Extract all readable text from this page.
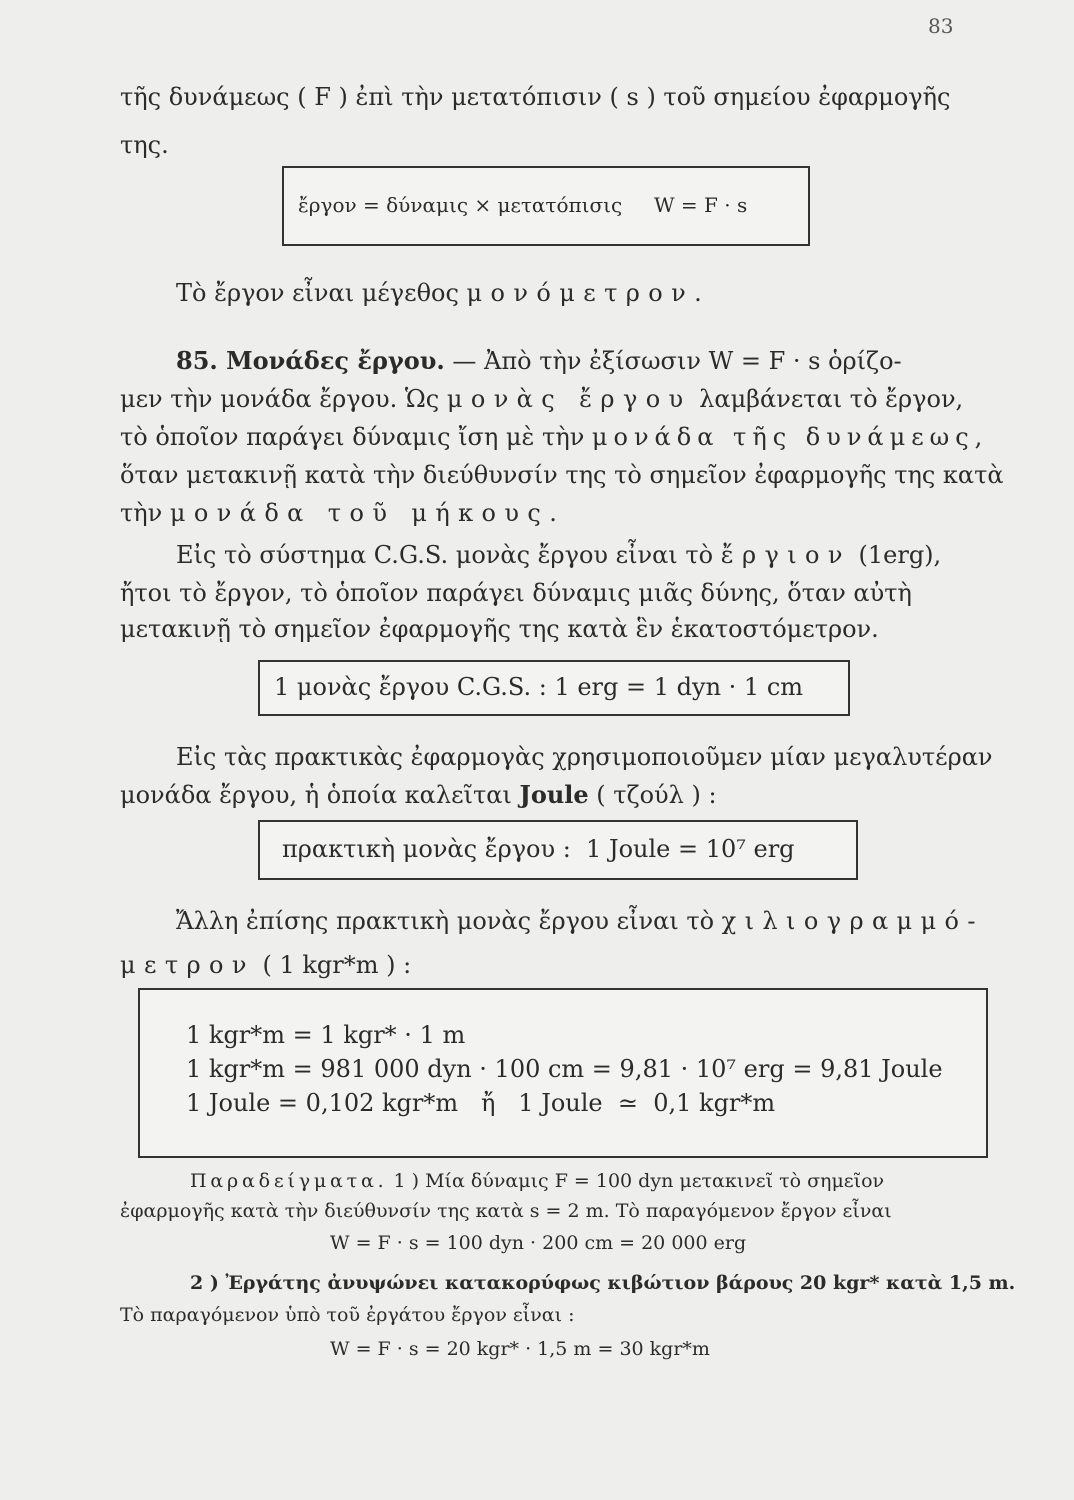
83
τῆς δυνάμεως ( F ) ἐπὶ τὴν μετατόπισιν ( s ) τοῦ σημείου ἐφαρμογῆς
της.
ἔργον = δύναμις × μετατόπισις     W = F · s
Τὸ ἔργον εἶναι μέγεθος μονόμετρον.
85. Μονάδες ἔργου. — Ἀπὸ τὴν ἐξίσωσιν W = F · s ὁρίζο-
μεν τὴν μονάδα ἔργου. Ὡς μονὰς ἔργου λαμβάνεται τὸ ἔργον,
τὸ ὁποῖον παράγει δύναμις ἴση μὲ τὴν μονάδα τῆς δυνάμεως,
ὅταν μετακινῇ κατὰ τὴν διεύθυνσίν της τὸ σημεῖον ἐφαρμογῆς της κατὰ
τὴν μονάδα τοῦ μήκους.
Εἰς τὸ σύστημα C.G.S. μονὰς ἔργου εἶναι τὸ ἔργιον (1erg),
ἤτοι τὸ ἔργον, τὸ ὁποῖον παράγει δύναμις μιᾶς δύνης, ὅταν αὐτὴ
μετακινῇ τὸ σημεῖον ἐφαρμογῆς της κατὰ ἓν ἑκατοστόμετρον.
1 μονὰς ἔργου C.G.S. : 1 erg = 1 dyn · 1 cm
Εἰς τὰς πρακτικὰς ἐφαρμογὰς χρησιμοποιοῦμεν μίαν μεγαλυτέραν
μονάδα ἔργου, ἡ ὁποία καλεῖται Joule ( τζούλ ) :
πρακτικὴ μονὰς ἔργου :  1 Joule = 10⁷ erg
Ἄλλη ἐπίσης πρακτικὴ μονὰς ἔργου εἶναι τὸ χιλιογραμμό-
μετρον ( 1 kgr*m ) :
1 kgr*m = 1 kgr* · 1 m
1 kgr*m = 981 000 dyn · 100 cm = 9,81 · 10⁷ erg = 9,81 Joule
1 Joule = 0,102 kgr*m   ἤ   1 Joule  ≃  0,1 kgr*m
Παραδείγματα. 1 ) Μία δύναμις F = 100 dyn μετακινεῖ τὸ σημεῖον
ἐφαρμογῆς κατὰ τὴν διεύθυνσίν της κατὰ s = 2 m. Τὸ παραγόμενον ἔργον εἶναι
W = F · s = 100 dyn · 200 cm = 20 000 erg
2 ) Ἐργάτης ἀνυψώνει κατακορύφως κιβώτιον βάρους 20 kgr* κατὰ 1,5 m.
Τὸ παραγόμενον ὑπὸ τοῦ ἐργάτου ἔργον εἶναι :
W = F · s = 20 kgr* · 1,5 m = 30 kgr*m
